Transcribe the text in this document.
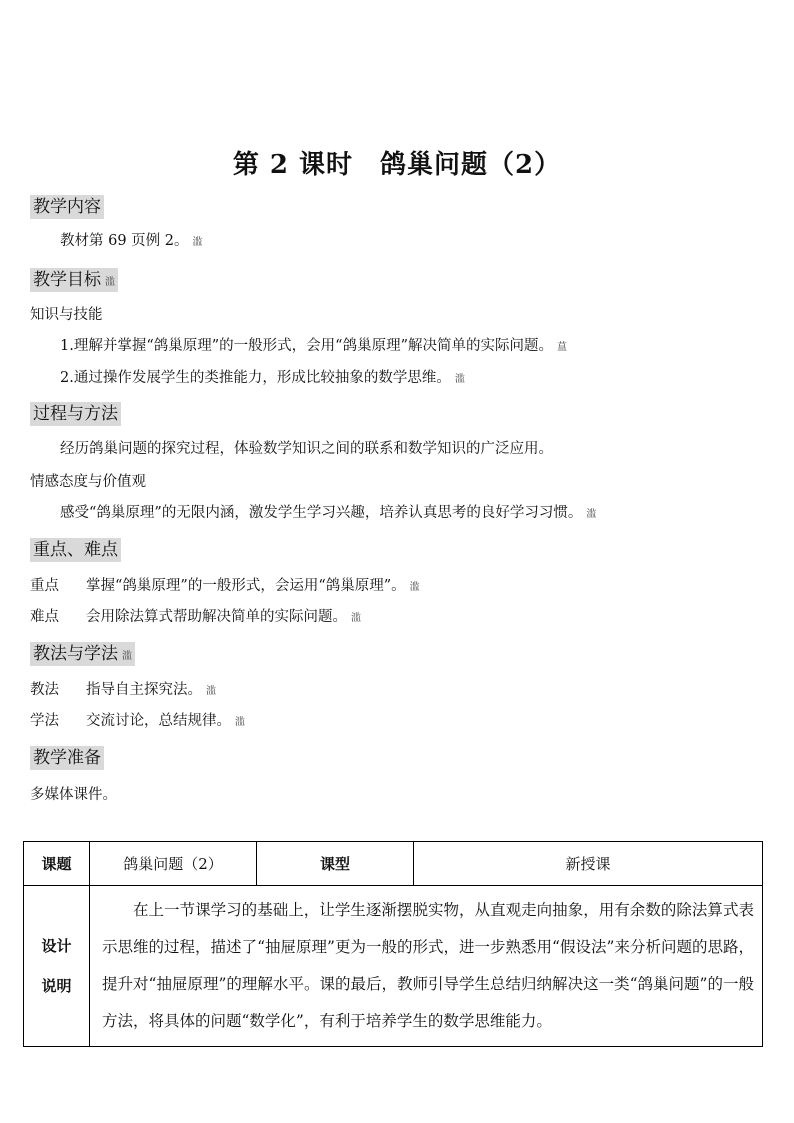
第 2 课时　鸽巢问题（2）
教学内容
教材第 69 页例 2。 滥
教学目标 滥
知识与技能
1.理解并掌握“鸽巢原理”的一般形式，会用“鸽巢原理”解决简单的实际问题。 蒀
2.通过操作发展学生的类推能力，形成比较抽象的数学思维。 滥
过程与方法
经历鸽巢问题的探究过程，体验数学知识之间的联系和数学知识的广泛应用。
情感态度与价值观
感受“鸽巢原理”的无限内涵，激发学生学习兴趣，培养认真思考的良好学习习惯。 滥
重点、难点
重点 掌握“鸽巢原理”的一般形式，会运用“鸽巢原理”。 滥
难点 会用除法算式帮助解决简单的实际问题。 滥
教法与学法 滥
教法 指导自主探究法。 滥
学法 交流讨论，总结规律。 滥
教学准备
多媒体课件。
课题	鸽巢问题（2）	课型	新授课

设计
说明	在上一节课学习的基础上，让学生逐渐摆脱实物，从直观走向抽象，用有余数的除法算式表示思维的过程，描述了“抽屉原理”更为一般的形式，进一步熟悉用“假设法”来分析问题的思路，提升对“抽屉原理”的理解水平。课的最后，教师引导学生总结归纳解决这一类“鸽巢问题”的一般方法，将具体的问题“数学化”，有利于培养学生的数学思维能力。		
